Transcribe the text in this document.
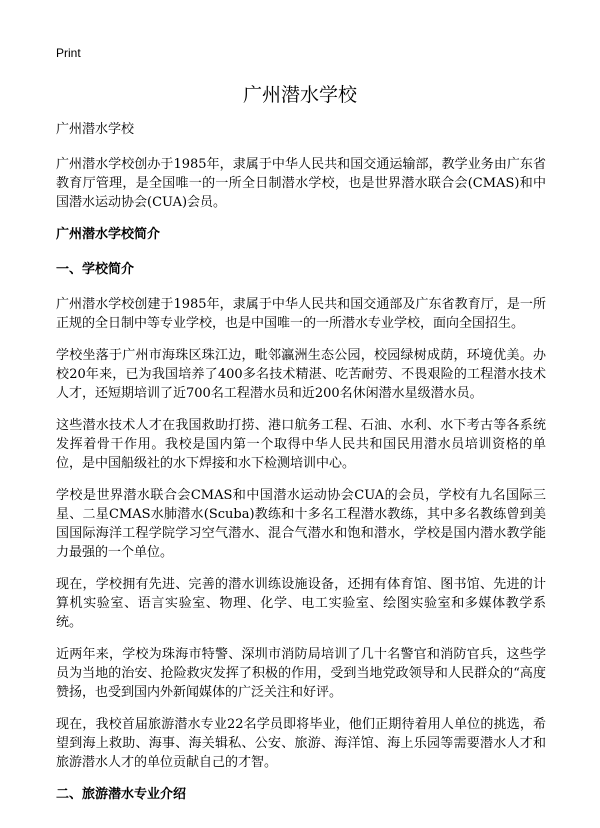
Print
广州潜水学校

广州潜水学校

广州潜水学校创办于1985年，隶属于中华人民共和国交通运输部，教学业务由广东省教育厅管理，是全国唯一的一所全日制潜水学校，也是世界潜水联合会(CMAS)和中国潜水运动协会(CUA)会员。

广州潜水学校简介
一、学校简介

广州潜水学校创建于1985年，隶属于中华人民共和国交通部及广东省教育厅，是一所正规的全日制中等专业学校，也是中国唯一的一所潜水专业学校，面向全国招生。

学校坐落于广州市海珠区珠江边，毗邻瀛洲生态公园，校园绿树成荫，环境优美。办校20年来，已为我国培养了400多名技术精湛、吃苦耐劳、不畏艰险的工程潜水技术人才，还短期培训了近700名工程潜水员和近200名休闲潜水星级潜水员。

这些潜水技术人才在我国救助打捞、港口航务工程、石油、水利、水下考古等各系统发挥着骨干作用。我校是国内第一个取得中华人民共和国民用潜水员培训资格的单位，是中国船级社的水下焊接和水下检测培训中心。

学校是世界潜水联合会CMAS和中国潜水运动协会CUA的会员，学校有九名国际三星、二星CMAS水肺潜水(Scuba)教练和十多名工程潜水教练，其中多名教练曾到美国国际海洋工程学院学习空气潜水、混合气潜水和饱和潜水，学校是国内潜水教学能力最强的一个单位。

现在，学校拥有先进、完善的潜水训练设施设备，还拥有体育馆、图书馆、先进的计算机实验室、语言实验室、物理、化学、电工实验室、绘图实验室和多媒体教学系统。

近两年来，学校为珠海市特警、深圳市消防局培训了几十名警官和消防官兵，这些学员为当地的治安、抢险救灾发挥了积极的作用，受到当地党政领导和人民群众的“高度赞扬，也受到国内外新闻媒体的广泛关注和好评。

现在，我校首届旅游潜水专业22名学员即将毕业，他们正期待着用人单位的挑选，希望到海上救助、海事、海关辑私、公安、旅游、海洋馆、海上乐园等需要潜水人才和旅游潜水人才的单位贡献自己的才智。

二、旅游潜水专业介绍
